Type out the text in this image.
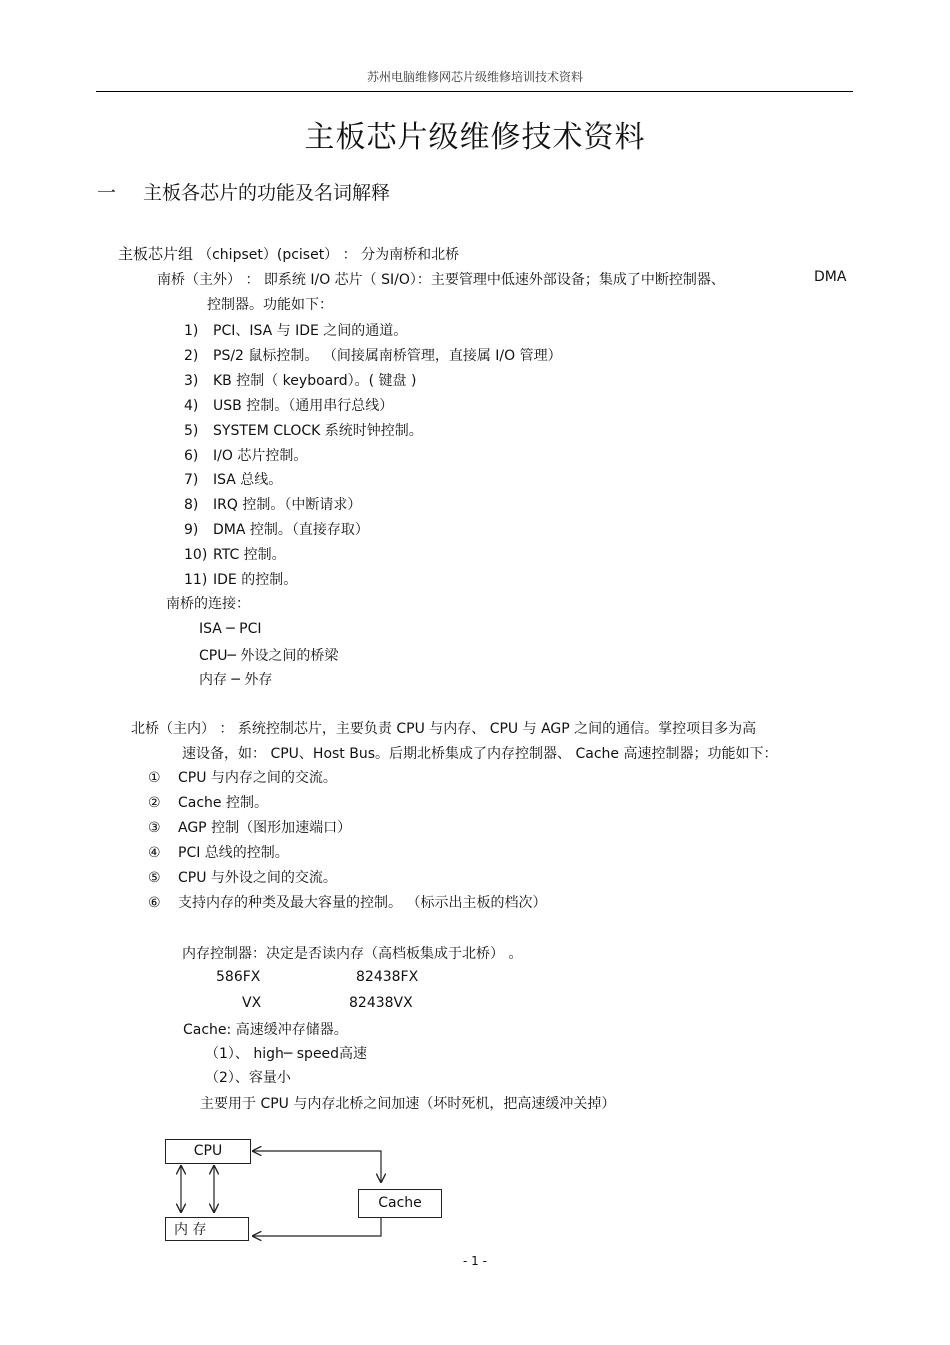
苏州电脑维修网芯片级维修培训技术资料
主板芯片级维修技术资料
一 主板各芯片的功能及名词解释
主板芯片组 （chipset）(pciset） ： 分为南桥和北桥
南桥（主外） ： 即系统 I/O 芯片（ SI/O）：主要管理中低速外部设备；集成了中断控制器、	DMA
控制器。功能如下：
1) PCI、ISA 与 IDE 之间的通道。
2) PS/2 鼠标控制。 （间接属南桥管理，直接属 I/O 管理）
3) KB 控制（ keyboard）。( 键盘 )
4) USB 控制。（通用串行总线）
5) SYSTEM CLOCK 系统时钟控制。
6) I/O 芯片控制。
7) ISA 总线。
8) IRQ 控制。（中断请求）
9) DMA 控制。（直接存取）
10) RTC 控制。
11) IDE 的控制。
南桥的连接：
ISA ─ PCI
CPU─ 外设之间的桥梁
内存 ─ 外存
北桥（主内） ： 系统控制芯片，主要负责 CPU 与内存、 CPU 与 AGP 之间的通信。掌控项目多为高
速设备，如： CPU、Host Bus。后期北桥集成了内存控制器、 Cache 高速控制器；功能如下：
① CPU 与内存之间的交流。
② Cache 控制。
③ AGP 控制（图形加速端口）
④ PCI 总线的控制。
⑤ CPU 与外设之间的交流。
⑥ 支持内存的种类及最大容量的控制。 （标示出主板的档次）
内存控制器：决定是否读内存（高档板集成于北桥） 。
586FX	82438FX
VX	82438VX
Cache: 高速缓冲存储器。
（1）、 high─ speed高速
（2）、容量小
主要用于 CPU 与内存北桥之间加速（坏时死机，把高速缓冲关掉）
CPU
Cache
内 存
- 1 -
